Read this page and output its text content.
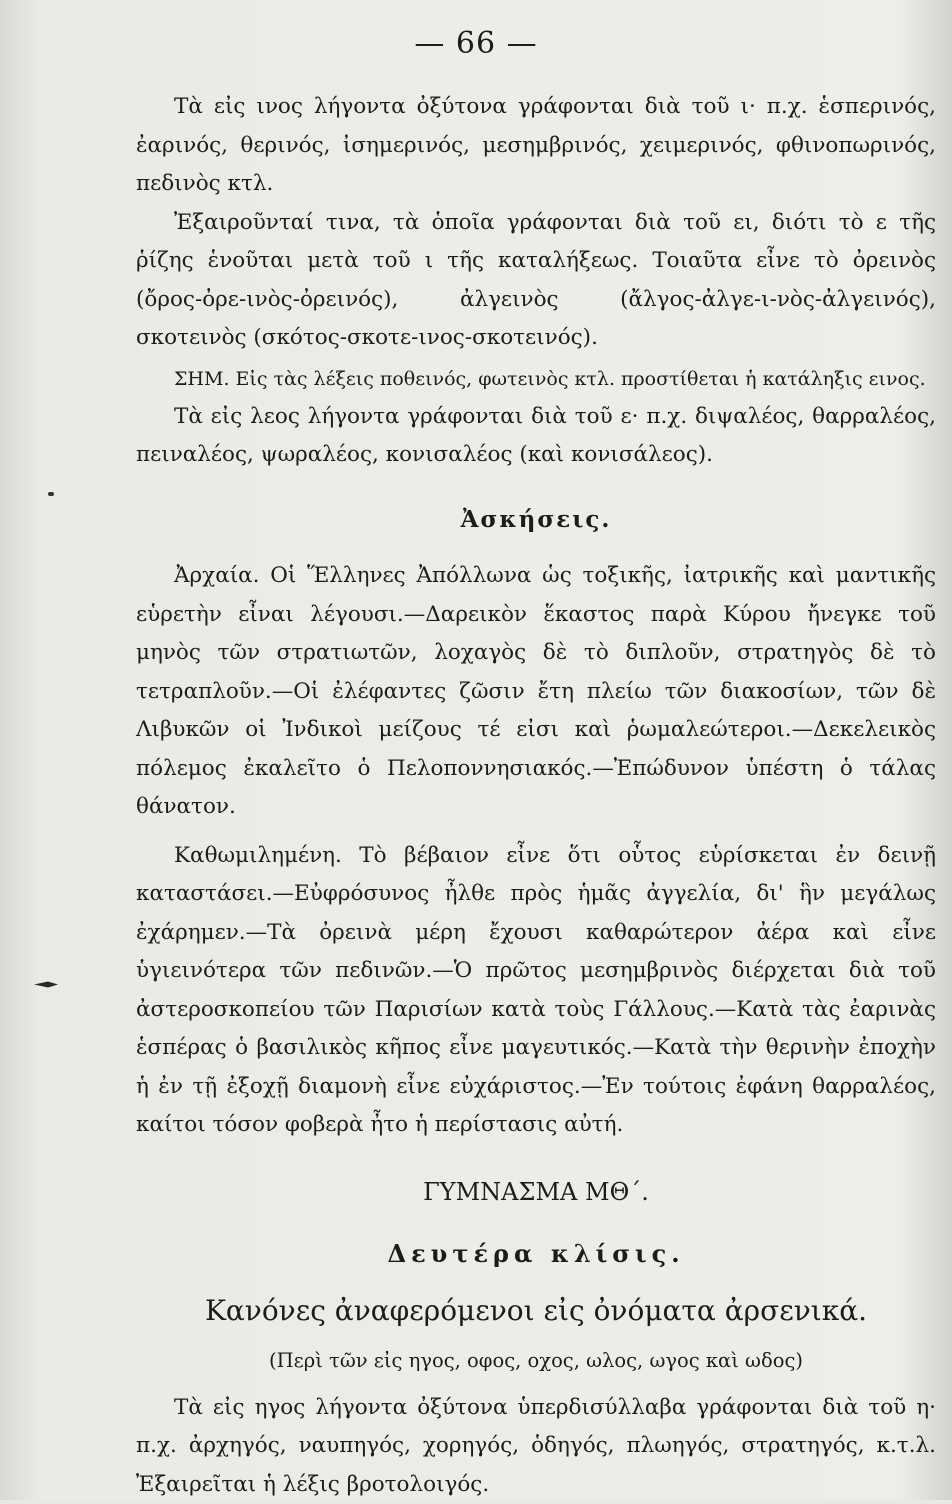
— 66 —

Τὰ εἰς ινος λήγοντα ὀξύτονα γράφονται διὰ τοῦ ι· π.χ. ἑσπερινός, ἐαρινός, θερινός, ἰσημερινός, μεσημβρινός, χειμερινός, φθινοπωρινός, πεδινὸς κτλ.

Ἐξαιροῦνταί τινα, τὰ ὁποῖα γράφονται διὰ τοῦ ει, διότι τὸ ε τῆς ῥίζης ἑνοῦται μετὰ τοῦ ι τῆς καταλήξεως. Τοιαῦτα εἶνε τὸ ὀρεινὸς (ὄρος-ὀρε-ινὸς-ὀρεινός), ἀλγεινὸς (ἄλγος-ἀλγε-ι-νὸς-ἀλγεινός), σκοτεινὸς (σκότος-σκοτε-ινος-σκοτεινός).

ΣΗΜ. Εἰς τὰς λέξεις ποθεινός, φωτεινὸς κτλ. προστίθεται ἡ κατάληξις εινος.

Τὰ εἰς λεος λήγοντα γράφονται διὰ τοῦ ε· π.χ. διψαλέος, θαρραλέος, πειναλέος, ψωραλέος, κονισαλέος (καὶ κονισάλεος).

Ἀσκήσεις.

Ἀρχαία. Οἱ Ἕλληνες Ἀπόλλωνα ὡς τοξικῆς, ἰατρικῆς καὶ μαντικῆς εὑρετὴν εἶναι λέγουσι.—Δαρεικὸν ἕκαστος παρὰ Κύρου ἤνεγκε τοῦ μηνὸς τῶν στρατιωτῶν, λοχαγὸς δὲ τὸ διπλοῦν, στρατηγὸς δὲ τὸ τετραπλοῦν.—Οἱ ἐλέφαντες ζῶσιν ἔτη πλείω τῶν διακοσίων, τῶν δὲ Λιβυκῶν οἱ Ἰνδικοὶ μείζους τέ εἰσι καὶ ῥωμαλεώτεροι.—Δεκελεικὸς πόλεμος ἐκαλεῖτο ὁ Πελοποννησιακός.—Ἐπώδυνον ὑπέστη ὁ τάλας θάνατον.

Καθωμιλημένη. Τὸ βέβαιον εἶνε ὅτι οὗτος εὑρίσκεται ἐν δεινῇ καταστάσει.—Εὐφρόσυνος ἦλθε πρὸς ἡμᾶς ἀγγελία, δι' ἣν μεγάλως ἐχάρημεν.—Τὰ ὀρεινὰ μέρη ἔχουσι καθαρώτερον ἀέρα καὶ εἶνε ὑγιεινότερα τῶν πεδινῶν.—Ὁ πρῶτος μεσημβρινὸς διέρχεται διὰ τοῦ ἀστεροσκοπείου τῶν Παρισίων κατὰ τοὺς Γάλλους.—Κατὰ τὰς ἐαρινὰς ἑσπέρας ὁ βασιλικὸς κῆπος εἶνε μαγευτικός.—Κατὰ τὴν θερινὴν ἐποχὴν ἡ ἐν τῇ ἐξοχῇ διαμονὴ εἶνε εὐχάριστος.—Ἐν τούτοις ἐφάνη θαρραλέος, καίτοι τόσον φοβερὰ ἦτο ἡ περίστασις αὐτή.

ΓΥΜΝΑΣΜΑ ΜΘ΄.
Δευτέρα κλίσις.
Κανόνες ἀναφερόμενοι εἰς ὀνόματα ἀρσενικά.
(Περὶ τῶν εἰς ηγος, οφος, οχος, ωλος, ωγος καὶ ωδος)

Τὰ εἰς ηγος λήγοντα ὀξύτονα ὑπερδισύλλαβα γράφονται διὰ τοῦ η· π.χ. ἀρχηγός, ναυπηγός, χορηγός, ὁδηγός, πλωηγός, στρατηγός, κ.τ.λ. Ἐξαιρεῖται ἡ λέξις βροτολοιγός.
